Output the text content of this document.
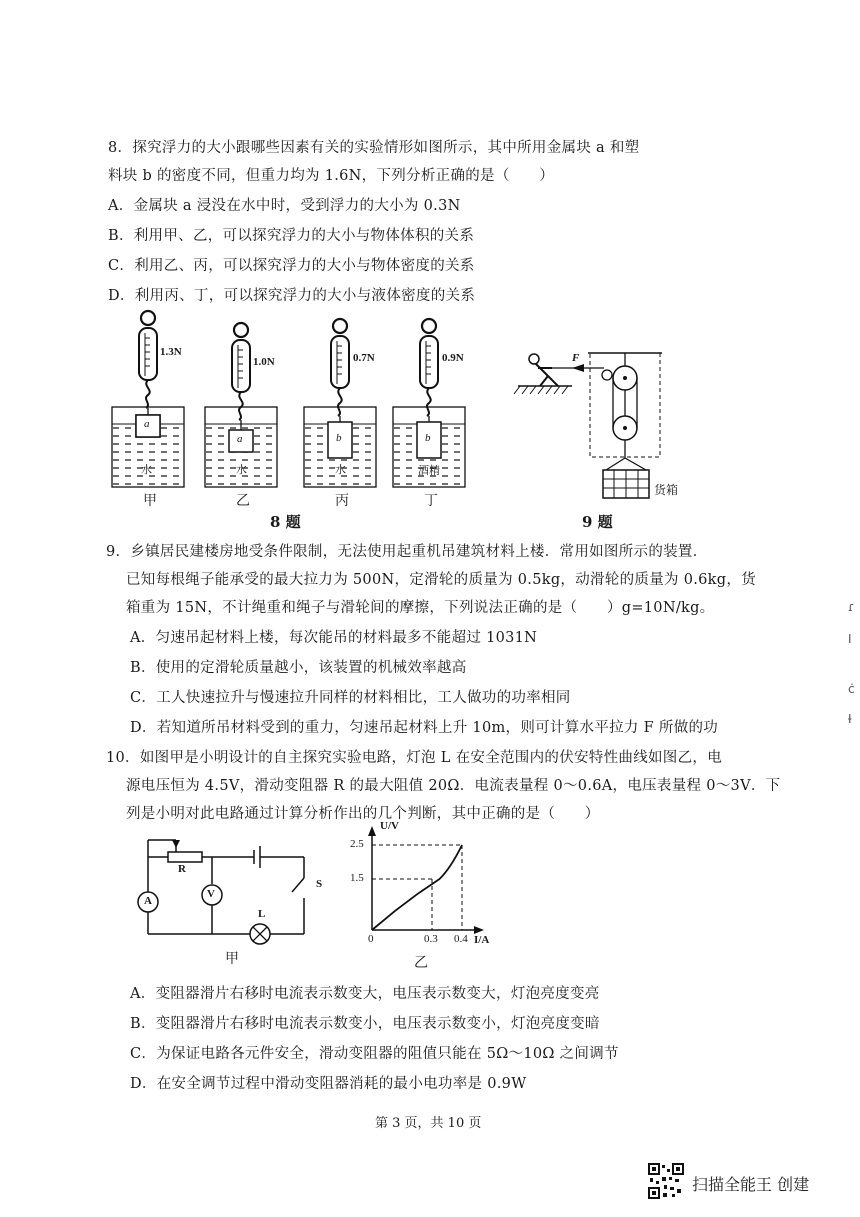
8．探究浮力的大小跟哪些因素有关的实验情形如图所示，其中所用金属块 a 和塑
料块 b 的密度不同，但重力均为 1.6N，下列分析正确的是（　　）
A．金属块 a 浸没在水中时，受到浮力的大小为 0.3N
B．利用甲、乙，可以探究浮力的大小与物体体积的关系
C．利用乙、丙，可以探究浮力的大小与物体密度的关系
D．利用丙、丁，可以探究浮力的大小与液体密度的关系
1.3N
1.0N	0.7N	0.9N
a
a	b	b
水	水	水	酒精
甲	乙	丙	丁
8 题
F
货箱
9 题
9．乡镇居民建楼房地受条件限制，无法使用起重机吊建筑材料上楼．常用如图所示的装置．
已知每根绳子能承受的最大拉力为 500N，定滑轮的质量为 0.5kg，动滑轮的质量为 0.6kg，货
箱重为 15N，不计绳重和绳子与滑轮间的摩擦，下列说法正确的是（　　）g=10N/kg。
A．匀速吊起材料上楼，每次能吊的材料最多不能超过 1031N
B．使用的定滑轮质量越小，该装置的机械效率越高
C．工人快速拉升与慢速拉升同样的材料相比，工人做功的功率相同
D．若知道所吊材料受到的重力，匀速吊起材料上升 10m，则可计算水平拉力 F 所做的功
10．如图甲是小明设计的自主探究实验电路，灯泡 L 在安全范围内的伏安特性曲线如图乙，电
源电压恒为 4.5V，滑动变阻器 R 的最大阻值 20Ω．电流表量程 0～0.6A，电压表量程 0～3V．下
列是小明对此电路通过计算分析作出的几个判断，其中正确的是（　　）
R
A
V
S
L
甲
U/V
2.5
1.5
0	0.3 0.4 I/A
乙
A．变阻器滑片右移时电流表示数变大，电压表示数变大，灯泡亮度变亮
B．变阻器滑片右移时电流表示数变小，电压表示数变小，灯泡亮度变暗
C．为保证电路各元件安全，滑动变阻器的阻值只能在 5Ω～10Ω 之间调节
D．在安全调节过程中滑动变阻器消耗的最小电功率是 0.9W
第 3 页，共 10 页
扫描全能王 创建
ɾ
I
ċ
Ɨ
